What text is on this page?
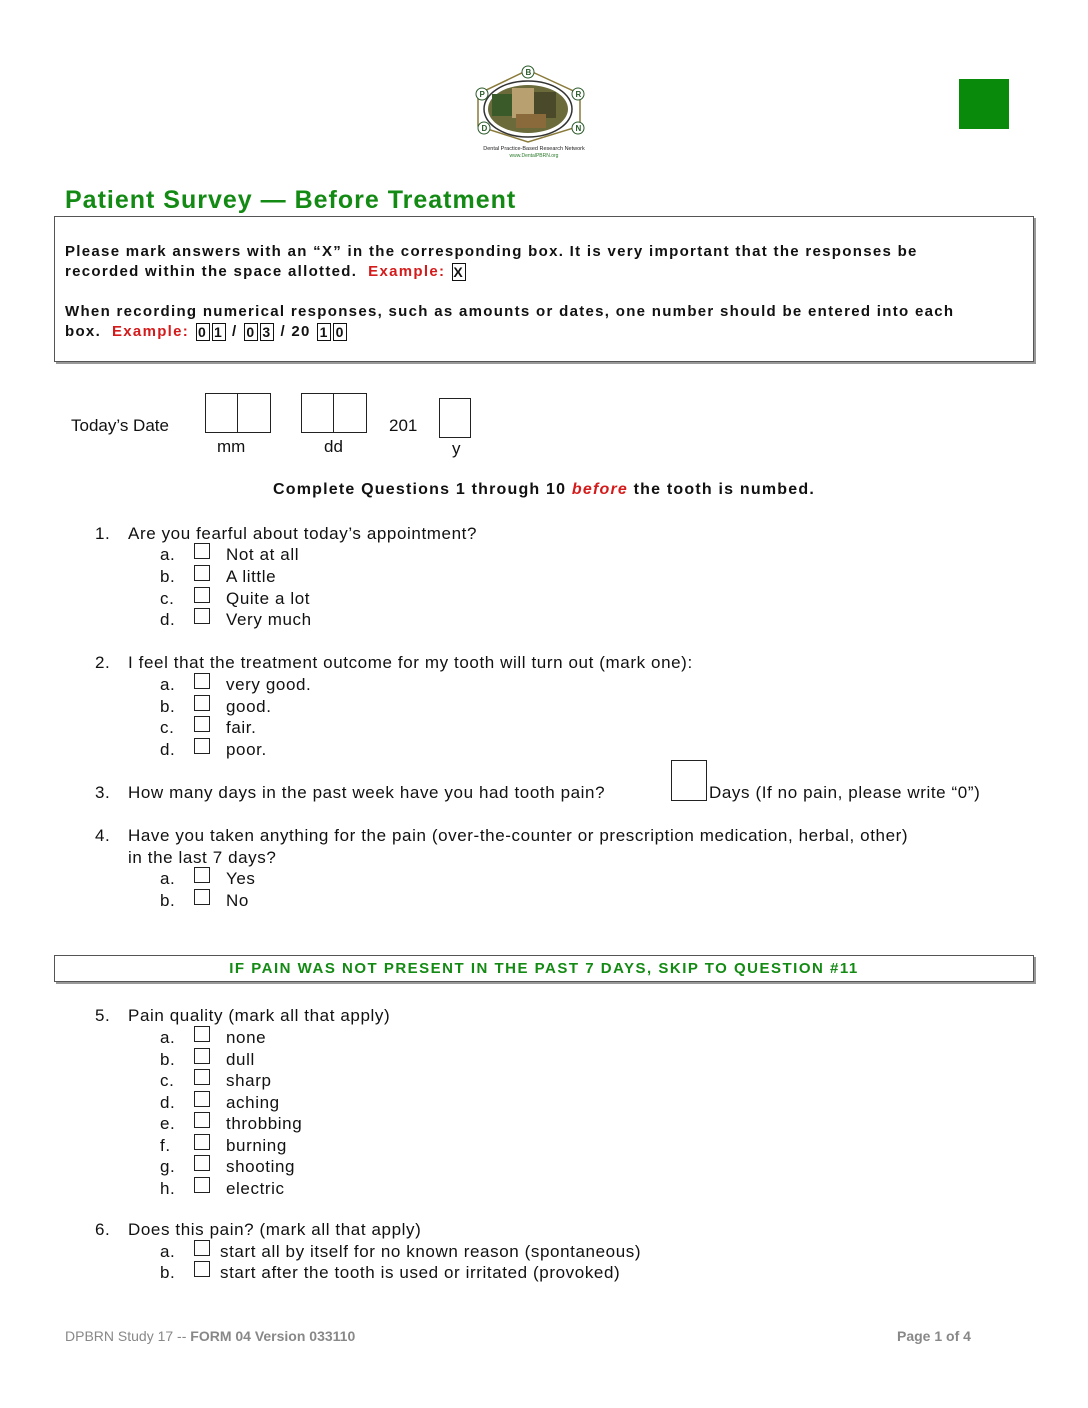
B
P	R
D	N
Dental Practice-Based Research Network
www.DentalPBRN.org
Patient Survey — Before Treatment
Please mark answers with an “X” in the corresponding box. It is very important that the responses be
recorded within the space allotted. Example: X
When recording numerical responses, such as amounts or dates, one number should be entered into each
box. Example: 0 1 / 0 3 / 20 1 0
Today’s Date
mm	dd
201
y
Complete Questions 1 through 10 before the tooth is numbed.
1. Are you fearful about today’s appointment?
a.	Not at all
b.	A little
c.	Quite a lot
d.	Very much
2. I feel that the treatment outcome for my tooth will turn out (mark one):
a.	very good.
b.	good.
c.	fair.
d.	poor.
3. How many days in the past week have you had tooth pain?	Days (If no pain, please write “0”)
4. Have you taken anything for the pain (over-the-counter or prescription medication, herbal, other)
in the last 7 days?
a.	Yes
b.	No
IF PAIN WAS NOT PRESENT IN THE PAST 7 DAYS, SKIP TO QUESTION #11
5. Pain quality (mark all that apply)
a.	none
b.	dull
c.	sharp
d.	aching
e.	throbbing
f.	burning
g.	shooting
h.	electric
6. Does this pain? (mark all that apply)
a.	start all by itself for no known reason (spontaneous)
b.	start after the tooth is used or irritated (provoked)
DPBRN Study 17 -- FORM 04 Version 033110	Page 1 of 4
